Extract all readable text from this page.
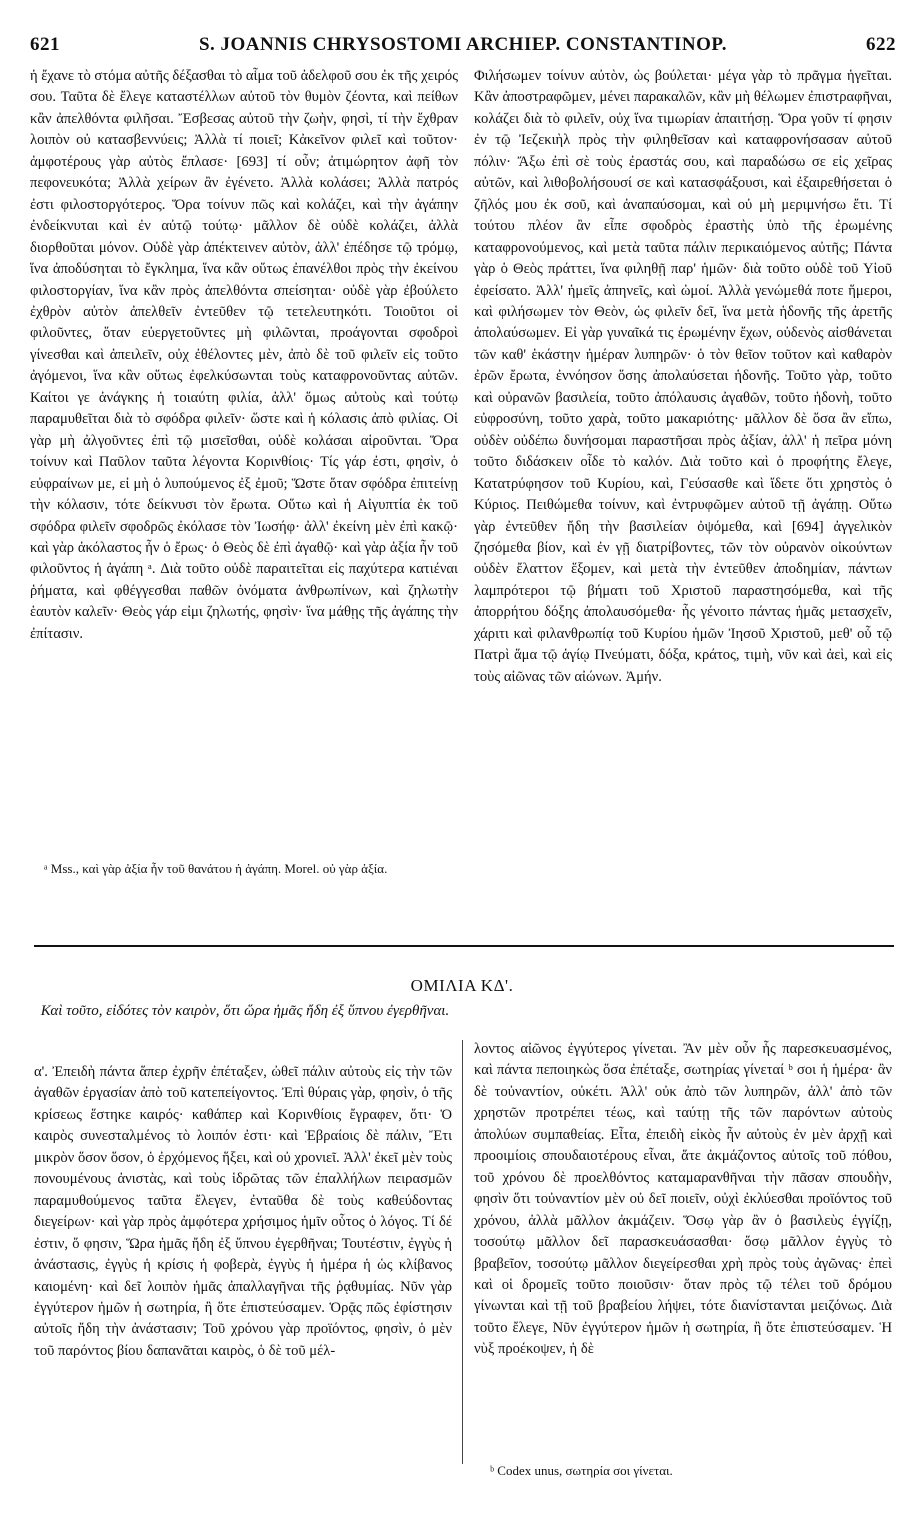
621	S. JOANNIS CHRYSOSTOMI ARCHIEP. CONSTANTINOP.	622

ἡ ἔχανε τὸ στόμα αὐτῆς δέξασθαι τὸ αἷμα τοῦ ἀδελφοῦ σου ἐκ τῆς χειρός σου. Ταῦτα δὲ ἔλεγε καταστέλλων αὐτοῦ τὸν θυμὸν ζέοντα, καὶ πείθων κἂν ἀπελθόντα φιλῆσαι. Ἔσβεσας αὐτοῦ τὴν ζωὴν, φησὶ, τί τὴν ἔχθραν λοιπὸν οὐ κατασβεννύεις; Ἀλλὰ τί ποιεῖ; Κἀκεῖνον φιλεῖ καὶ τοῦτον· ἀμφοτέρους γὰρ αὐτὸς ἔπλασε· [693] τί οὖν; ἀτιμώρητον ἀφῆ τὸν πεφονευκότα; Ἀλλὰ χείρων ἂν ἐγένετο. Ἀλλὰ κολάσει; Ἀλλὰ πατρός ἐστι φιλοστοργότερος. Ὅρα τοίνυν πῶς καὶ κολάζει, καὶ τὴν ἀγάπην ἐνδείκνυται καὶ ἐν αὐτῷ τούτῳ· μᾶλλον δὲ οὐδὲ κολάζει, ἀλλὰ διορθοῦται μόνον. Οὐδὲ γὰρ ἀπέκτεινεν αὐτὸν, ἀλλ' ἐπέδησε τῷ τρόμῳ, ἵνα ἀποδύσηται τὸ ἔγκλημα, ἵνα κἂν οὕτως ἐπανέλθοι πρὸς τὴν ἐκείνου φιλοστοργίαν, ἵνα κἂν πρὸς ἀπελθόντα σπείσηται· οὐδὲ γὰρ ἐβούλετο ἐχθρὸν αὐτὸν ἀπελθεῖν ἐντεῦθεν τῷ τετελευτηκότι. Τοιοῦτοι οἱ φιλοῦντες, ὅταν εὐεργετοῦντες μὴ φιλῶνται, προάγονται σφοδροὶ γίνεσθαι καὶ ἀπειλεῖν, οὐχ ἐθέλοντες μὲν, ἀπὸ δὲ τοῦ φιλεῖν εἰς τοῦτο ἀγόμενοι, ἵνα κἂν οὕτως ἐφελκύσωνται τοὺς καταφρονοῦντας αὐτῶν. Καίτοι γε ἀνάγκης ἡ τοιαύτη φιλία, ἀλλ' ὅμως αὐτοὺς καὶ τούτῳ παραμυθεῖται διὰ τὸ σφόδρα φιλεῖν· ὥστε καὶ ἡ κόλασις ἀπὸ φιλίας. Οἱ γὰρ μὴ ἀλγοῦντες ἐπὶ τῷ μισεῖσθαι, οὐδὲ κολάσαι αἱροῦνται. Ὅρα τοίνυν καὶ Παῦλον ταῦτα λέγοντα Κορινθίοις· Τίς γάρ ἐστι, φησὶν, ὁ εὐφραίνων με, εἰ μὴ ὁ λυπούμενος ἐξ ἐμοῦ; Ὥστε ὅταν σφόδρα ἐπιτείνῃ τὴν κόλασιν, τότε δείκνυσι τὸν ἔρωτα. Οὕτω καὶ ἡ Αἰγυπτία ἐκ τοῦ σφόδρα φιλεῖν σφοδρῶς ἐκόλασε τὸν Ἰωσήφ· ἀλλ' ἐκείνη μὲν ἐπὶ κακῷ· καὶ γὰρ ἀκόλαστος ἦν ὁ ἔρως· ὁ Θεὸς δὲ ἐπὶ ἀγαθῷ· καὶ γὰρ ἀξία ἦν τοῦ φιλοῦντος ἡ ἀγάπη ᵃ. Διὰ τοῦτο οὐδὲ παραιτεῖται εἰς παχύτερα κατιέναι ῥήματα, καὶ φθέγγεσθαι παθῶν ὀνόματα ἀνθρωπίνων, καὶ ζηλωτὴν ἑαυτὸν καλεῖν· Θεὸς γάρ εἰμι ζηλωτής, φησὶν· ἵνα μάθῃς τῆς ἀγάπης τὴν ἐπίτασιν.

ᵃ Mss., καὶ γὰρ ἀξία ἦν τοῦ θανάτου ἡ ἀγάπη. Morel. οὐ γὰρ ἀξία.

Φιλήσωμεν τοίνυν αὐτὸν, ὡς βούλεται· μέγα γὰρ τὸ πρᾶγμα ἡγεῖται. Κἂν ἀποστραφῶμεν, μένει παρακαλῶν, κἂν μὴ θέλωμεν ἐπιστραφῆναι, κολάζει διὰ τὸ φιλεῖν, οὐχ ἵνα τιμωρίαν ἀπαιτήσῃ. Ὅρα γοῦν τί φησιν ἐν τῷ Ἰεζεκιὴλ πρὸς τὴν φιληθεῖσαν καὶ καταφρονήσασαν αὐτοῦ πόλιν· Ἄξω ἐπὶ σὲ τοὺς ἐραστάς σου, καὶ παραδώσω σε εἰς χεῖρας αὐτῶν, καὶ λιθοβολήσουσί σε καὶ κατασφάξουσι, καὶ ἐξαιρεθήσεται ὁ ζῆλός μου ἐκ σοῦ, καὶ ἀναπαύσομαι, καὶ οὐ μὴ μεριμνήσω ἔτι. Τί τούτου πλέον ἂν εἶπε σφοδρὸς ἐραστὴς ὑπὸ τῆς ἐρωμένης καταφρονούμενος, καὶ μετὰ ταῦτα πάλιν περικαιόμενος αὐτῆς; Πάντα γὰρ ὁ Θεὸς πράττει, ἵνα φιληθῇ παρ' ἡμῶν· διὰ τοῦτο οὐδὲ τοῦ Υἱοῦ ἐφείσατο. Ἀλλ' ἡμεῖς ἀπηνεῖς, καὶ ὠμοί. Ἀλλὰ γενώμεθά ποτε ἥμεροι, καὶ φιλήσωμεν τὸν Θεὸν, ὡς φιλεῖν δεῖ, ἵνα μετὰ ἡδονῆς τῆς ἀρετῆς ἀπολαύσωμεν. Εἰ γὰρ γυναῖκά τις ἐρωμένην ἔχων, οὐδενὸς αἰσθάνεται τῶν καθ' ἑκάστην ἡμέραν λυπηρῶν· ὁ τὸν θεῖον τοῦτον καὶ καθαρὸν ἐρῶν ἔρωτα, ἐννόησον ὅσης ἀπολαύσεται ἡδονῆς. Τοῦτο γὰρ, τοῦτο καὶ οὐρανῶν βασιλεία, τοῦτο ἀπόλαυσις ἀγαθῶν, τοῦτο ἡδονὴ, τοῦτο εὐφροσύνη, τοῦτο χαρὰ, τοῦτο μακαριότης· μᾶλλον δὲ ὅσα ἂν εἴπω, οὐδὲν οὐδέπω δυνήσομαι παραστῆσαι πρὸς ἀξίαν, ἀλλ' ἡ πεῖρα μόνη τοῦτο διδάσκειν οἶδε τὸ καλόν. Διὰ τοῦτο καὶ ὁ προφήτης ἔλεγε, Κατατρύφησον τοῦ Κυρίου, καὶ, Γεύσασθε καὶ ἴδετε ὅτι χρηστὸς ὁ Κύριος. Πειθώμεθα τοίνυν, καὶ ἐντρυφῶμεν αὐτοῦ τῇ ἀγάπῃ. Οὕτω γὰρ ἐντεῦθεν ἤδη τὴν βασιλείαν ὀψόμεθα, καὶ [694] ἀγγελικὸν ζησόμεθα βίον, καὶ ἐν γῇ διατρίβοντες, τῶν τὸν οὐρανὸν οἰκούντων οὐδὲν ἔλαττον ἕξομεν, καὶ μετὰ τὴν ἐντεῦθεν ἀποδημίαν, πάντων λαμπρότεροι τῷ βήματι τοῦ Χριστοῦ παραστησόμεθα, καὶ τῆς ἀπορρήτου δόξης ἀπολαυσόμεθα· ἧς γένοιτο πάντας ἡμᾶς μετασχεῖν, χάριτι καὶ φιλανθρωπίᾳ τοῦ Κυρίου ἡμῶν Ἰησοῦ Χριστοῦ, μεθ' οὗ τῷ Πατρὶ ἅμα τῷ ἁγίῳ Πνεύματι, δόξα, κράτος, τιμὴ, νῦν καὶ ἀεὶ, καὶ εἰς τοὺς αἰῶνας τῶν αἰώνων. Ἀμήν.

ΟΜΙΛΙΑ ΚΔ'.
Καὶ τοῦτο, εἰδότες τὸν καιρὸν, ὅτι ὥρα ἡμᾶς ἤδη ἐξ ὕπνου ἐγερθῆναι.

α'. Ἐπειδὴ πάντα ἅπερ ἐχρῆν ἐπέταξεν, ὠθεῖ πάλιν αὐτοὺς εἰς τὴν τῶν ἀγαθῶν ἐργασίαν ἀπὸ τοῦ κατεπείγοντος. Ἐπὶ θύραις γὰρ, φησὶν, ὁ τῆς κρίσεως ἕστηκε καιρός· καθάπερ καὶ Κορινθίοις ἔγραφεν, ὅτι· Ὁ καιρὸς συνεσταλμένος τὸ λοιπόν ἐστι· καὶ Ἑβραίοις δὲ πάλιν, Ἔτι μικρὸν ὅσον ὅσον, ὁ ἐρχόμενος ἥξει, καὶ οὐ χρονιεῖ. Ἀλλ' ἐκεῖ μὲν τοὺς πονουμένους ἀνιστὰς, καὶ τοὺς ἱδρῶτας τῶν ἐπαλλήλων πειρασμῶν παραμυθούμενος ταῦτα ἔλεγεν, ἐνταῦθα δὲ τοὺς καθεύδοντας διεγείρων· καὶ γὰρ πρὸς ἀμφότερα χρήσιμος ἡμῖν οὗτος ὁ λόγος. Τί δέ ἐστιν, ὅ φησιν, Ὥρα ἡμᾶς ἤδη ἐξ ὕπνου ἐγερθῆναι; Τουτέστιν, ἐγγὺς ἡ ἀνάστασις, ἐγγὺς ἡ κρίσις ἡ φοβερὰ, ἐγγὺς ἡ ἡμέρα ἡ ὡς κλίβανος καιομένη· καὶ δεῖ λοιπὸν ἡμᾶς ἀπαλλαγῆναι τῆς ῥᾳθυμίας. Νῦν γὰρ ἐγγύτερον ἡμῶν ἡ σωτηρία, ἢ ὅτε ἐπιστεύσαμεν. Ὁρᾷς πῶς ἐφίστησιν αὐτοῖς ἤδη τὴν ἀνάστασιν; Τοῦ χρόνου γὰρ προϊόντος, φησὶν, ὁ μὲν τοῦ παρόντος βίου δαπανᾶται καιρὸς, ὁ δὲ τοῦ μέλ-

λοντος αἰῶνος ἐγγύτερος γίνεται. Ἂν μὲν οὖν ἧς παρεσκευασμένος, καὶ πάντα πεποιηκὼς ὅσα ἐπέταξε, σωτηρίας γίνεταί ᵇ σοι ἡ ἡμέρα· ἂν δὲ τοὐναντίον, οὐκέτι. Ἀλλ' οὐκ ἀπὸ τῶν λυπηρῶν, ἀλλ' ἀπὸ τῶν χρηστῶν προτρέπει τέως, καὶ ταύτῃ τῆς τῶν παρόντων αὐτοὺς ἀπολύων συμπαθείας. Εἶτα, ἐπειδὴ εἰκὸς ἦν αὐτοὺς ἐν μὲν ἀρχῇ καὶ προοιμίοις σπουδαιοτέρους εἶναι, ἅτε ἀκμάζοντος αὐτοῖς τοῦ πόθου, τοῦ χρόνου δὲ προελθόντος καταμαρανθῆναι τὴν πᾶσαν σπουδὴν, φησὶν ὅτι τοὐναντίον μὲν οὐ δεῖ ποιεῖν, οὐχὶ ἐκλύεσθαι προϊόντος τοῦ χρόνου, ἀλλὰ μᾶλλον ἀκμάζειν. Ὅσῳ γὰρ ἂν ὁ βασιλεὺς ἐγγίζῃ, τοσούτῳ μᾶλλον δεῖ παρασκευάσασθαι· ὅσῳ μᾶλλον ἐγγὺς τὸ βραβεῖον, τοσούτῳ μᾶλλον διεγείρεσθαι χρὴ πρὸς τοὺς ἀγῶνας· ἐπεὶ καὶ οἱ δρομεῖς τοῦτο ποιοῦσιν· ὅταν πρὸς τῷ τέλει τοῦ δρόμου γίνωνται καὶ τῇ τοῦ βραβείου λήψει, τότε διανίστανται μειζόνως. Διὰ τοῦτο ἔλεγε, Νῦν ἐγγύτερον ἡμῶν ἡ σωτηρία, ἢ ὅτε ἐπιστεύσαμεν. Ἡ νὺξ προέκοψεν, ἡ δὲ

ᵇ Codex unus, σωτηρία σοι γίνεται.
